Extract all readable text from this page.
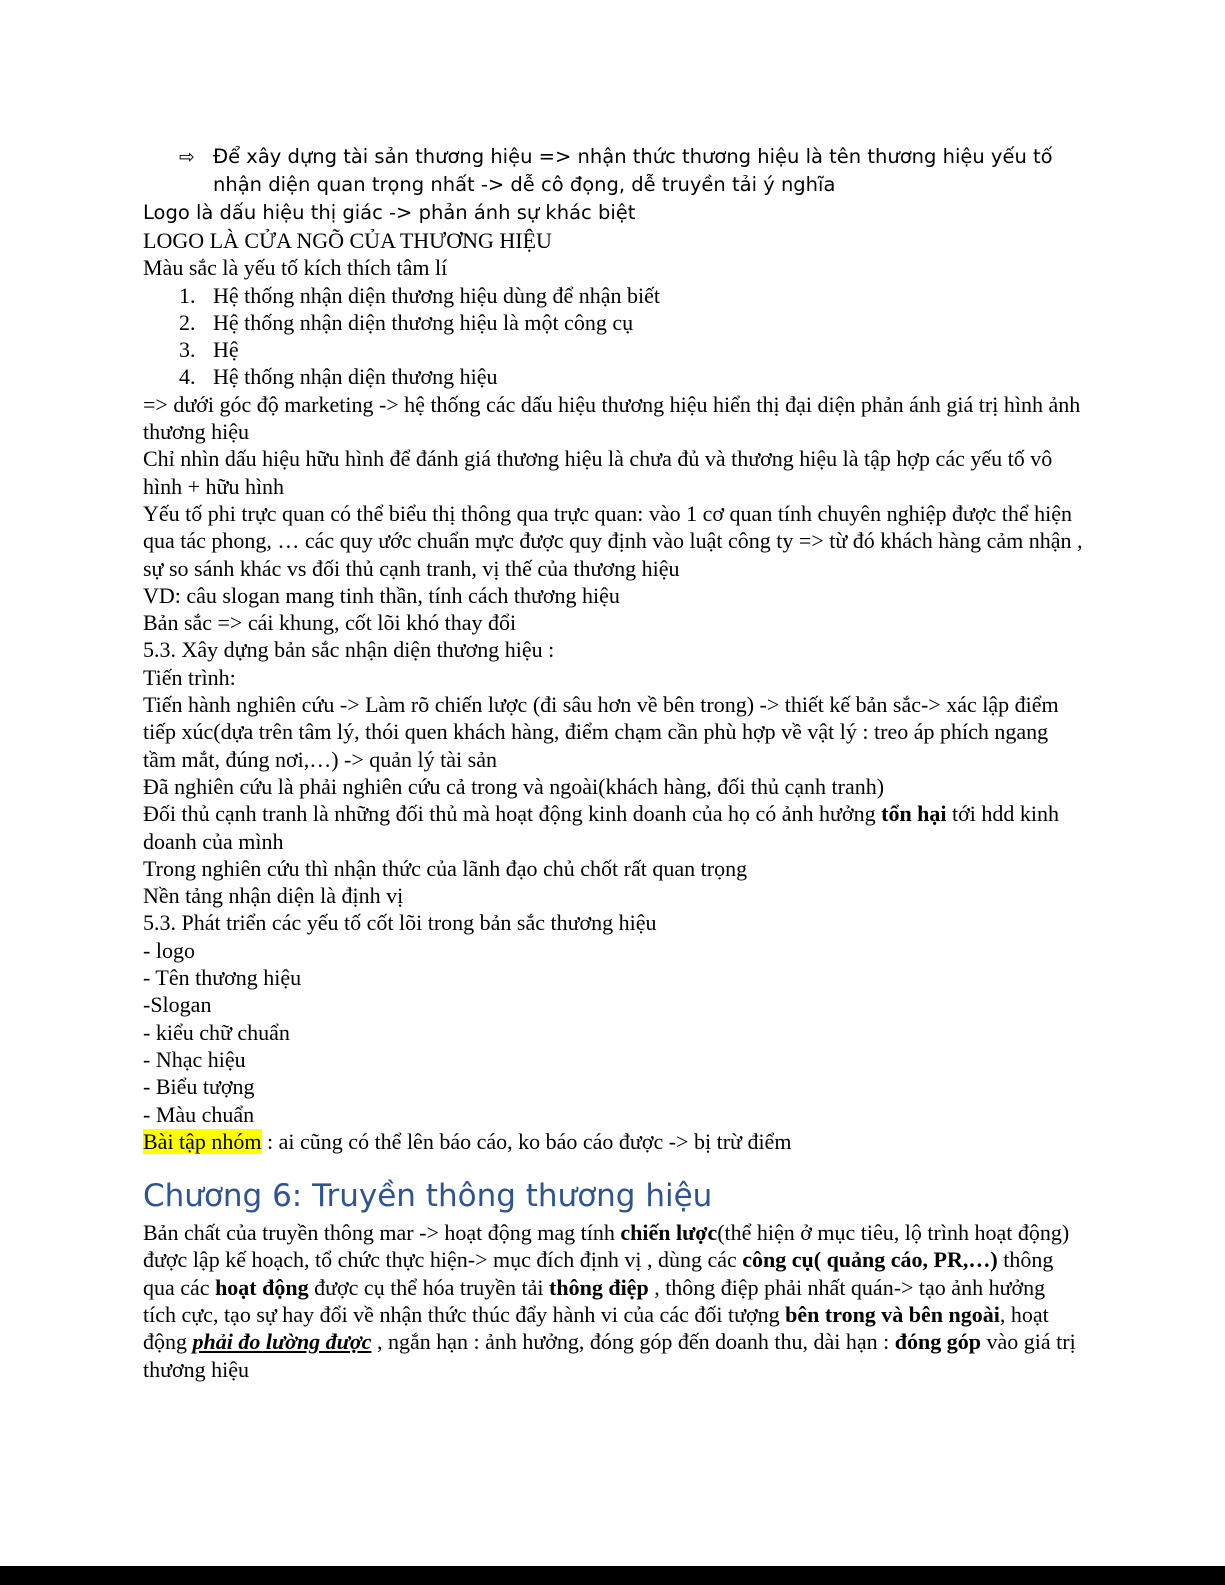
⇨ Để xây dựng tài sản thương hiệu => nhận thức thương hiệu là tên thương hiệu yếu tố
nhận diện quan trọng nhất -> dễ cô đọng, dễ truyền tải ý nghĩa

Logo là dấu hiệu thị giác -> phản ánh sự khác biệt

LOGO LÀ CỬA NGÕ CỦA THƯƠNG HIỆU

Màu sắc là yếu tố kích thích tâm lí

1. Hệ thống nhận diện thương hiệu dùng để nhận biết
2. Hệ thống nhận diện thương hiệu là một công cụ
3. Hệ
4. Hệ thống nhận diện thương hiệu

=> dưới góc độ marketing -> hệ thống các dấu hiệu thương hiệu hiển thị đại diện phản ánh giá trị hình ảnh thương hiệu

Chỉ nhìn dấu hiệu hữu hình để đánh giá thương hiệu là chưa đủ và thương hiệu là tập hợp các yếu tố vô hình + hữu hình

Yếu tố phi trực quan có thể biểu thị thông qua trực quan: vào 1 cơ quan tính chuyên nghiệp được thể hiện qua tác phong, … các quy ước chuẩn mực được quy định vào luật công ty => từ đó khách hàng cảm nhận , sự so sánh khác vs đối thủ cạnh tranh, vị thế của thương hiệu

VD: câu slogan mang tinh thần, tính cách thương hiệu

Bản sắc => cái khung, cốt lõi khó thay đổi

5.3. Xây dựng bản sắc nhận diện thương hiệu :

Tiến trình:

Tiến hành nghiên cứu -> Làm rõ chiến lược (đi sâu hơn về bên trong) -> thiết kế bản sắc-> xác lập điểm tiếp xúc(dựa trên tâm lý, thói quen khách hàng, điểm chạm cần phù hợp về vật lý : treo áp phích ngang tầm mắt, đúng nơi,…) -> quản lý tài sản

Đã nghiên cứu là phải nghiên cứu cả trong và ngoài(khách hàng, đối thủ cạnh tranh)

Đối thủ cạnh tranh là những đối thủ mà hoạt động kinh doanh của họ có ảnh hưởng tổn hại tới hdd kinh doanh của mình

Trong nghiên cứu thì nhận thức của lãnh đạo chủ chốt rất quan trọng

Nền tảng nhận diện là định vị

5.3. Phát triển các yếu tố cốt lõi trong bản sắc thương hiệu

- logo

- Tên thương hiệu

-Slogan

- kiểu chữ chuẩn

- Nhạc hiệu

- Biểu tượng

- Màu chuẩn

Bài tập nhóm : ai cũng có thể lên báo cáo, ko báo cáo được -> bị trừ điểm

Chương 6: Truyền thông thương hiệu

Bản chất của truyền thông mar -> hoạt động mag tính chiến lược(thể hiện ở mục tiêu, lộ trình hoạt động) được lập kế hoạch, tổ chức thực hiện-> mục đích định vị , dùng các công cụ( quảng cáo, PR,…) thông qua các hoạt động được cụ thể hóa truyền tải thông điệp , thông điệp phải nhất quán-> tạo ảnh hưởng tích cực, tạo sự hay đổi về nhận thức thúc đẩy hành vi của các đối tượng bên trong và bên ngoài, hoạt động phải đo lường được , ngắn hạn : ảnh hưởng, đóng góp đến doanh thu, dài hạn : đóng góp vào giá trị thương hiệu
